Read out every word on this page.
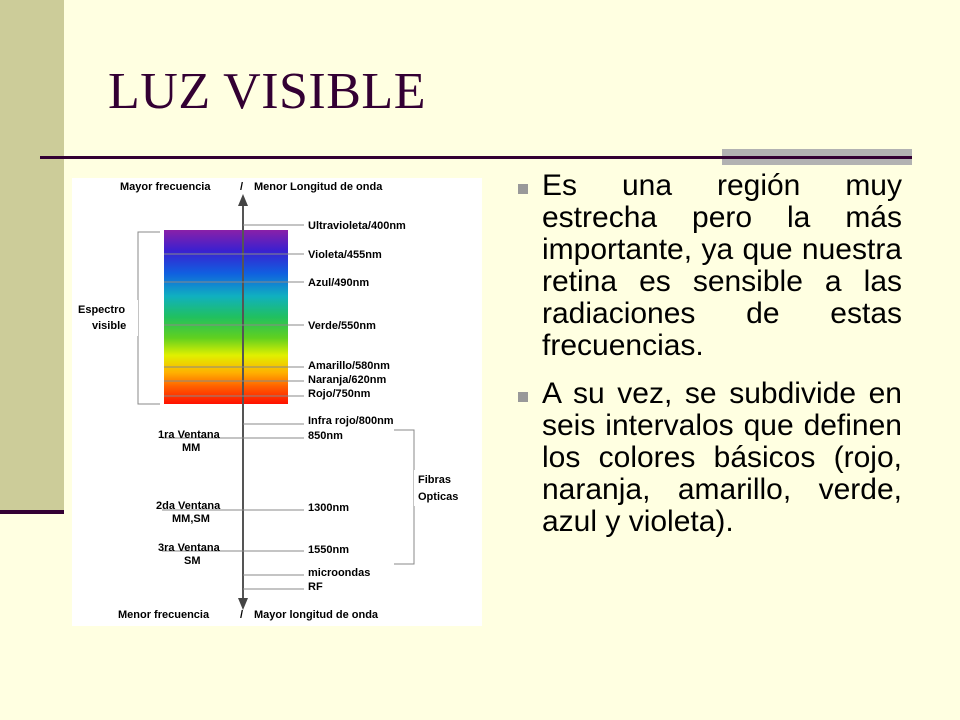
LUZ VISIBLE
Mayor frecuencia	/ Menor Longitud de onda
Menor frecuencia	/ Mayor longitud de onda
Ultravioleta/400nm
Violeta/455nm
Azul/490nm
Verde/550nm
Amarillo/580nm
Naranja/620nm
Rojo/750nm
Infra rojo/800nm
850nm
1300nm
1550nm
microondas
RF
Espectro
visible
Fibras
Opticas
1ra Ventana
MM
2da Ventana
MM,SM
3ra Ventana
SM
Es una región muy estrecha pero la más importante, ya que nuestra retina es sensible a las radiaciones de estas frecuencias.
A su vez, se subdivide en seis intervalos que definen los colores básicos (rojo, naranja, amarillo, verde, azul y violeta).
